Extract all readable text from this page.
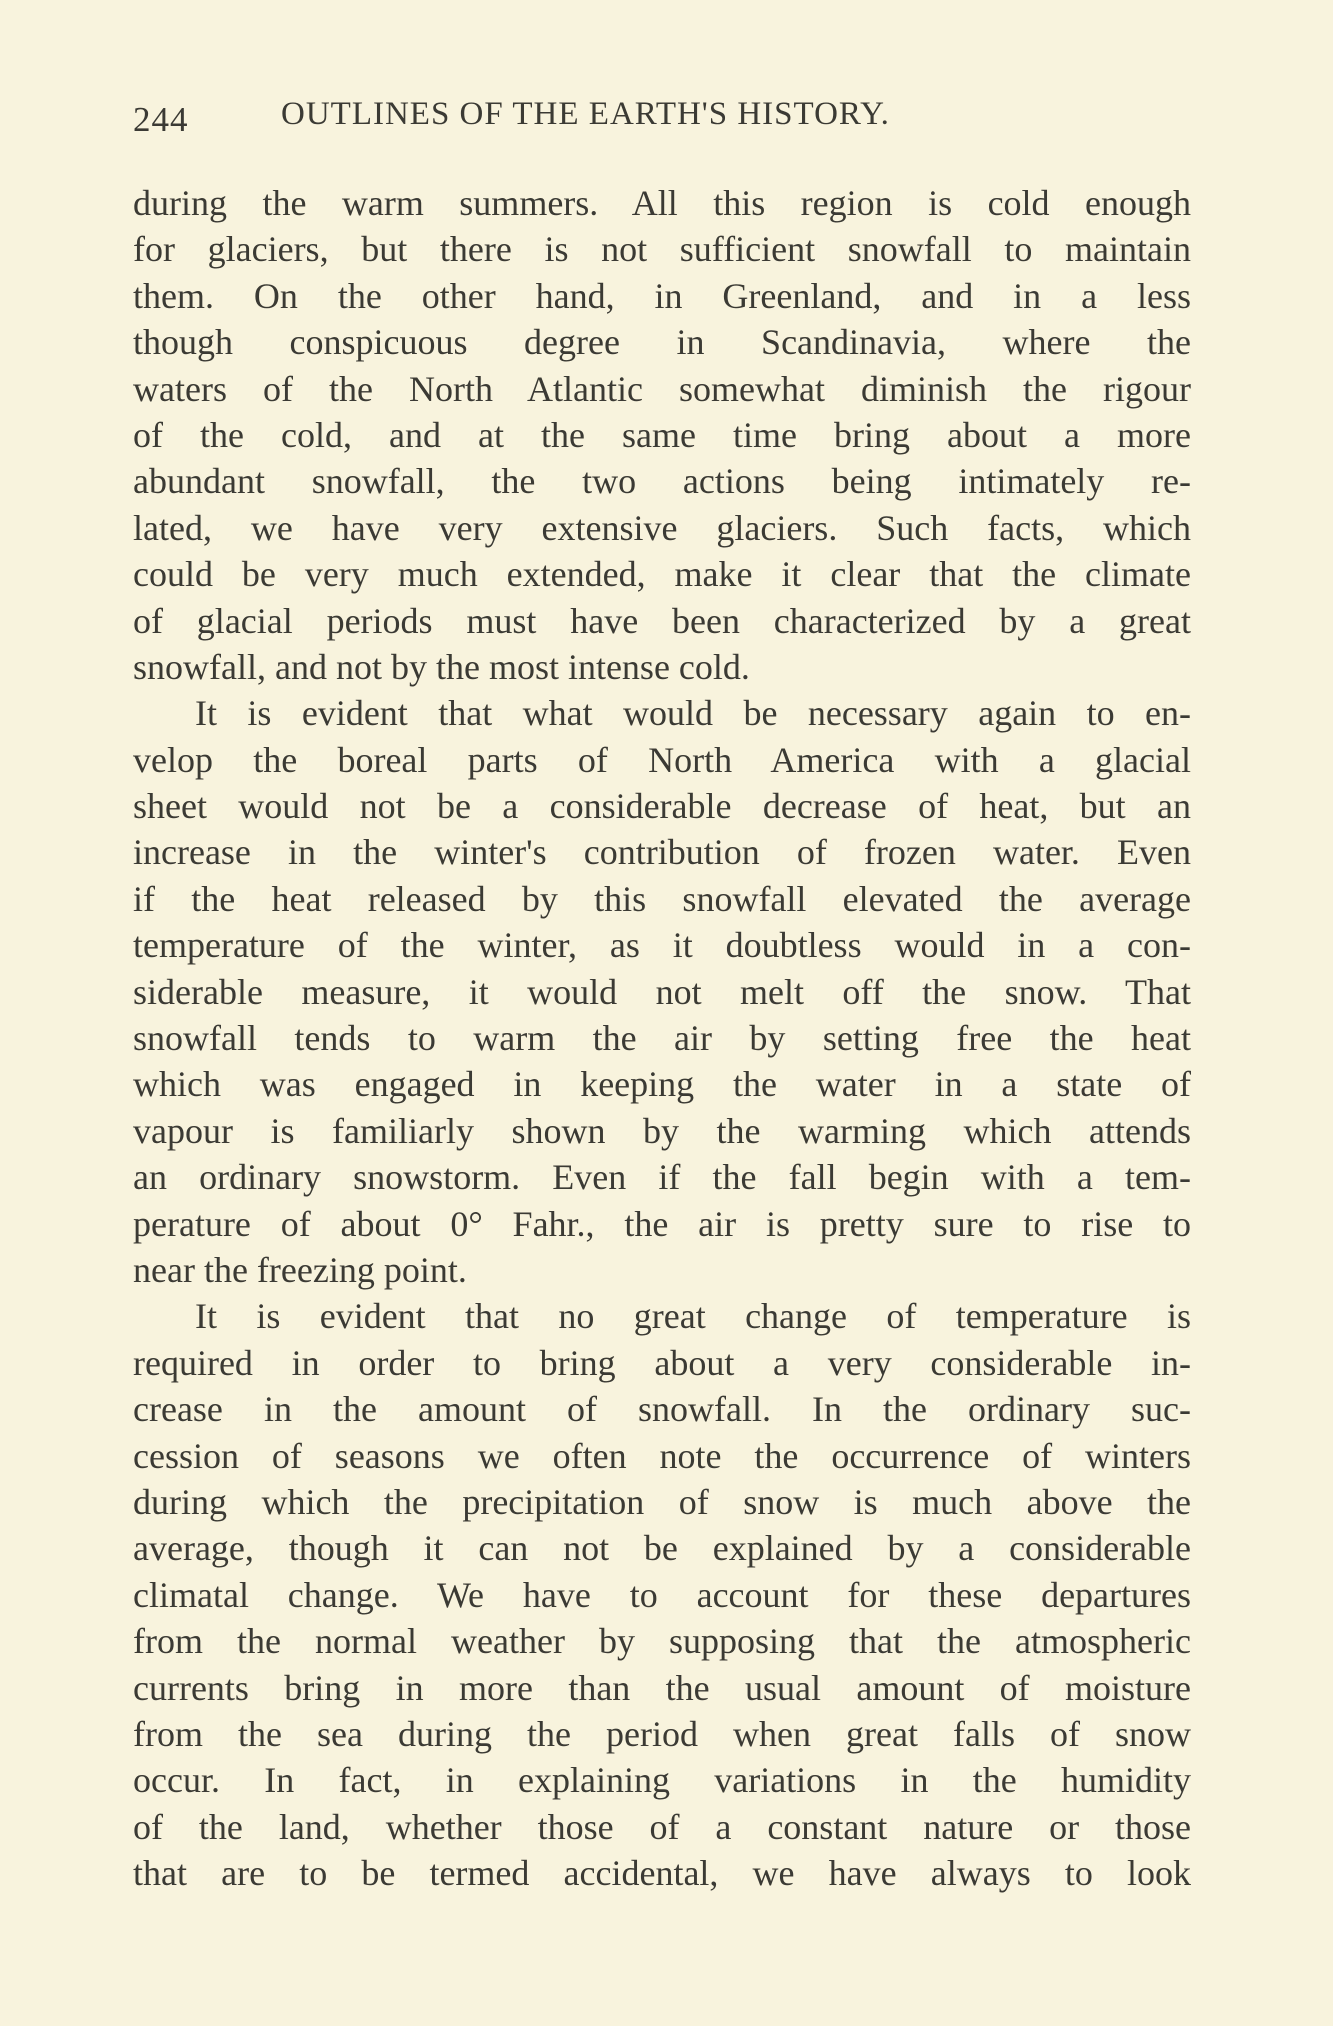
244	OUTLINES OF THE EARTH'S HISTORY.
during the warm summers. All this region is cold enough
for glaciers, but there is not sufficient snowfall to maintain
them. On the other hand, in Greenland, and in a less
though conspicuous degree in Scandinavia, where the
waters of the North Atlantic somewhat diminish the rigour
of the cold, and at the same time bring about a more
abundant snowfall, the two actions being intimately re-
lated, we have very extensive glaciers. Such facts, which
could be very much extended, make it clear that the climate
of glacial periods must have been characterized by a great
snowfall, and not by the most intense cold.
It is evident that what would be necessary again to en-
velop the boreal parts of North America with a glacial
sheet would not be a considerable decrease of heat, but an
increase in the winter's contribution of frozen water. Even
if the heat released by this snowfall elevated the average
temperature of the winter, as it doubtless would in a con-
siderable measure, it would not melt off the snow. That
snowfall tends to warm the air by setting free the heat
which was engaged in keeping the water in a state of
vapour is familiarly shown by the warming which attends
an ordinary snowstorm. Even if the fall begin with a tem-
perature of about 0° Fahr., the air is pretty sure to rise to
near the freezing point.
It is evident that no great change of temperature is
required in order to bring about a very considerable in-
crease in the amount of snowfall. In the ordinary suc-
cession of seasons we often note the occurrence of winters
during which the precipitation of snow is much above the
average, though it can not be explained by a considerable
climatal change. We have to account for these departures
from the normal weather by supposing that the atmospheric
currents bring in more than the usual amount of moisture
from the sea during the period when great falls of snow
occur. In fact, in explaining variations in the humidity
of the land, whether those of a constant nature or those
that are to be termed accidental, we have always to look
